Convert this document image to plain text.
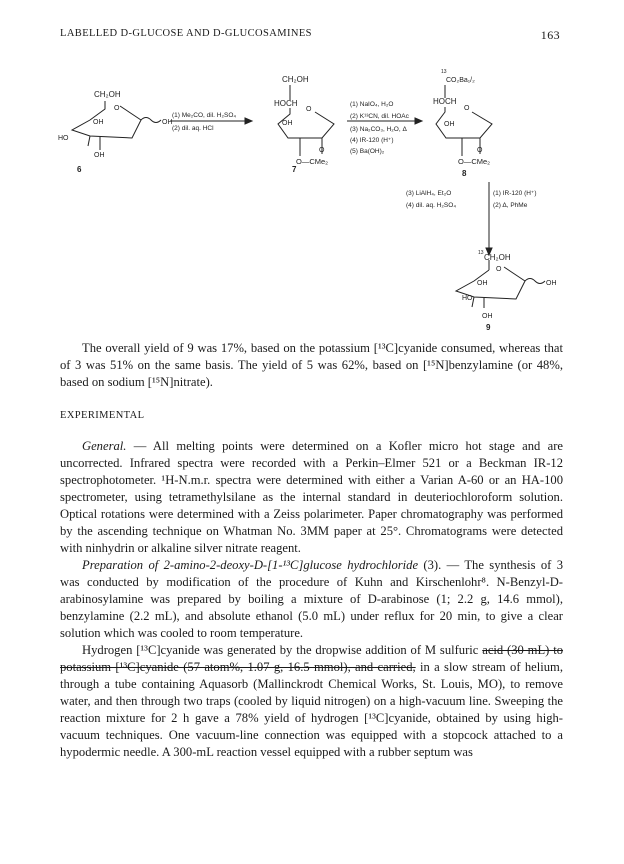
LABELLED D-GLUCOSE AND D-GLUCOSAMINES	163
CH₂OH
O
OH	OH
HO
OH
6
(1) Me₂CO, dil. H₂SO₄
(2) dil. aq. HCl
CH₂OH
HOCH
O
OH
O
O—CMe₂
7
(1) NaIO₄, H₂O
(2) K¹³CN, dil. HOAc
(3) Na₂CO₃, H₂O, Δ
(4) IR-120 (H⁺)
(5) Ba(OH)₂
13
CO₂Ba₁/₂
HOCH
O
OH
O
O—CMe₂
8
(3) LiAlH₄, Et₂O
(4) dil. aq. H₂SO₄
(1) IR-120 (H⁺)
(2) Δ, PhMe
13 CH₂OH
O
OH	OH
HO
OH
9

The overall yield of 9 was 17%, based on the potassium [¹³C]cyanide consumed, whereas that of 3 was 51% on the same basis. The yield of 5 was 62%, based on [¹⁵N]benzylamine (or 48%, based on sodium [¹⁵N]nitrate).

EXPERIMENTAL

General. — All melting points were determined on a Kofler micro hot stage and are uncorrected. Infrared spectra were recorded with a Perkin–Elmer 521 or a Beckman IR-12 spectrophotometer. ¹H-N.m.r. spectra were determined with either a Varian A-60 or an HA-100 spectrometer, using tetramethylsilane as the internal standard in deuteriochloroform solution. Optical rotations were determined with a Zeiss polarimeter. Paper chromatography was performed by the ascending technique on Whatman No. 3MM paper at 25°. Chromatograms were detected with ninhydrin or alkaline silver nitrate reagent.

Preparation of 2-amino-2-deoxy-D-[1-¹³C]glucose hydrochloride (3). — The synthesis of 3 was conducted by modification of the procedure of Kuhn and Kirschenlohr⁸. N-Benzyl-D-arabinosylamine was prepared by boiling a mixture of D-arabinose (1; 2.2 g, 14.6 mmol), benzylamine (2.2 mL), and absolute ethanol (5.0 mL) under reflux for 20 min, to give a clear solution which was cooled to room temperature.

Hydrogen [¹³C]cyanide was generated by the dropwise addition of M sulfuric acid (30 mL) to potassium [¹³C]cyanide (57 atom%, 1.07 g, 16.5 mmol), and carried, in a slow stream of helium, through a tube containing Aquasorb (Mallinckrodt Chemical Works, St. Louis, MO), to remove water, and then through two traps (cooled by liquid nitrogen) on a high-vacuum line. Sweeping the reaction mixture for 2 h gave a 78% yield of hydrogen [¹³C]cyanide, obtained by using high-vacuum techniques. One vacuum-line connection was equipped with a stopcock attached to a hypodermic needle. A 300-mL reaction vessel equipped with a rubber septum was
